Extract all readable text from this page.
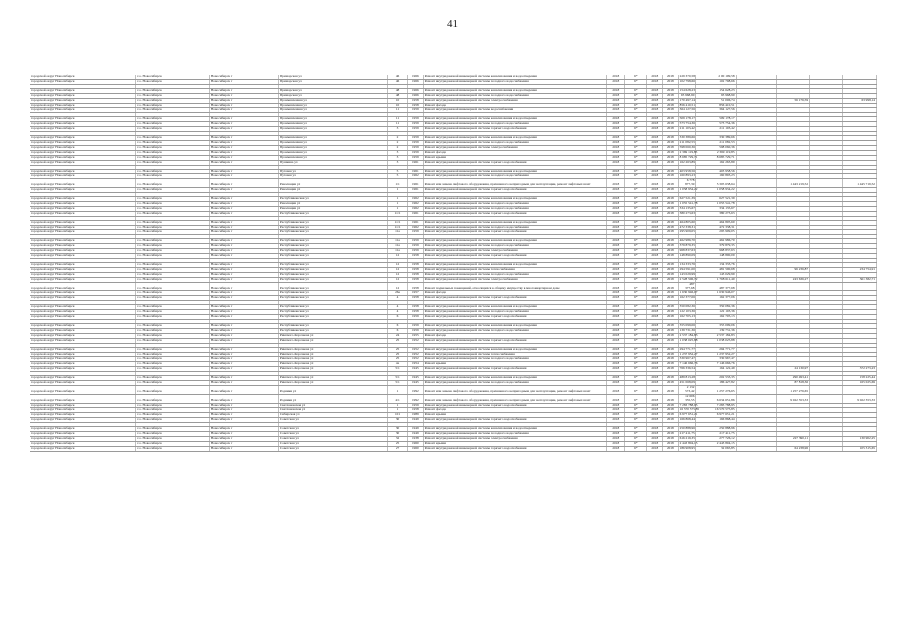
41
городской округ Новосибирск	г.о. Новосибирск	Новосибирск г	Приморская ул	46	1966	Ремонт внутридомовой инженерной системы канализования и водоотведения	2018	6*	2018	2018	229 370,58	2 00 199,58				
городской округ Новосибирск	г.о. Новосибирск	Новосибирск г	Приморская ул	46	1966	Ремонт внутридомовой инженерной системы холодного водоснабжения	2018	6*	2018	2018	102 798,66	102 798,66				

городской округ Новосибирск	г.о. Новосибирск	Новосибирск г	Приморская ул	48	1966	Ремонт внутридомовой инженерной системы канализования и водоотведения	2018	6*	2018	2018	154 628,23	154 628,23				
городской округ Новосибирск	г.о. Новосибирск	Новосибирск г	Приморская ул	48	1966	Ремонт внутридомовой инженерной системы холодного водоснабжения	2018	6*	2018	2018	93 968,90	93 968,90				
городской округ Новосибирск	г.о. Новосибирск	Новосибирск г	Промышленная ул	10	1958	Ремонт внутридомовой инженерной системы электроснабжения	2018	6*	2018	2018	170 497,14	51 006,74		56 176,59		63 998,14
городской округ Новосибирск	г.о. Новосибирск	Новосибирск г	Промышленная ул	10	1958	Ремонт фасада	2018	6*	2018	2018	856 410,51	856 410,51				
городской округ Новосибирск	г.о. Новосибирск	Новосибирск г	Промышленная ул	11	1959	Ремонт внутридомовой инженерной системы водоснабжения	2018	6*	2018	2018	364 127,56	364 127,56				

городской округ Новосибирск	г.о. Новосибирск	Новосибирск г	Промышленная ул	11	1959	Ремонт внутридомовой инженерной системы канализования и водоотведения	2018	6*	2018	2018	509 178,17	509 178,17				
городской округ Новосибирск	г.о. Новосибирск	Новосибирск г	Промышленная ул	11	1959	Ремонт внутридомовой инженерной системы холодного водоснабжения	2018	6*	2018	2018	573 754,36	573 754,36				
городской округ Новосибирск	г.о. Новосибирск	Новосибирск г	Промышленная ул	3	1959	Ремонт внутридомовой инженерной системы горячего водоснабжения	2018	6*	2018	2018	211 103,42	211 103,42				

городской округ Новосибирск	г.о. Новосибирск	Новосибирск г	Промышленная ул	2	1959	Ремонт внутридомовой инженерной системы канализования и водоотведения	2018	6*	2018	2018	330 389,66	330 389,66				
городской округ Новосибирск	г.о. Новосибирск	Новосибирск г	Промышленная ул	2	1959	Ремонт внутридомовой инженерной системы холодного водоснабжения	2018	6*	2018	2018	211 082,53	211 082,53				
городской округ Новосибирск	г.о. Новосибирск	Новосибирск г	Промышленная ул	2	1959	Ремонт внутридомовой инженерной системы электроснабжения	2018	6*	2018	2018	598 060,36	598 060,36				
городской округ Новосибирск	г.о. Новосибирск	Новосибирск г	Промышленная ул	3	1959	Ремонт фасада	2018	6*	2018	2018	2 369 119,85	2 369 119,85				
городской округ Новосибирск	г.о. Новосибирск	Новосибирск г	Промышленная ул	3	1959	Ремонт крыши	2018	6*	2018	2018	8 685 729,71	8 685 729,71				
городской округ Новосибирск	г.о. Новосибирск	Новосибирск г	Пушкина ул	3	1961	Ремонт внутридомовой инженерной системы горячего водоснабжения	2018	6*	2018	2018	162 263,89	162 263,89				

городской округ Новосибирск	г.о. Новосибирск	Новосибирск г	Путевая ул	5	1961	Ремонт внутридомовой инженерной системы канализования и водоотведения	2018	6*	2018	2018	403 958,56	403 958,56				
городской округ Новосибирск	г.о. Новосибирск	Новосибирск г	Путевая ул	5	1962	Ремонт внутридомовой инженерной системы холодного водоснабжения	2018	6*	2018	2018	160 893,23	160 893,23				
городской округ Новосибирск	г.о. Новосибирск	Новосибирск г	Революции ул	1/1	1961	Ремонт или замена лифтового оборудования, признанного непригодным для эксплуатации, ремонт лифтовых шахт	2018	6*	2018	2018	6 778 877,39	5 305 638,64		1 443 219,52		1 445 719,52
городской округ Новосибирск	г.о. Новосибирск	Новосибирск г	Революции ул	1	1961	Ремонт внутридомовой инженерной системы горячего водоснабжения	2018	6*	2018	2018	1 058 934,22	1 058 934,22				

городской округ Новосибирск	г.о. Новосибирск	Новосибирск г	Республиканская ул	1	1962	Ремонт внутридомовой инженерной системы канализования и водоотведения	2018	6*	2018	2018	627 521,39	627 521,39				
городской округ Новосибирск	г.о. Новосибирск	Новосибирск г	Революции ул	1	1962	Ремонт внутридомовой инженерной системы холодного водоснабжения	2018	6*	2018	2018	1 055 541,78	1 055 541,78				
городской округ Новосибирск	г.о. Новосибирск	Новосибирск г	Революции ул	1	1962	Ремонт внутридомовой инженерной системы холодного водоснабжения	2018	6*	2018	2018	334 135,67	334 135,67				
городской округ Новосибирск	г.о. Новосибирск	Новосибирск г	Республиканская ул	11/1	1961	Ремонт внутридомовой инженерной системы горячего водоснабжения	2018	6*	2018	2018	380 273,63	380 273,63				

городской округ Новосибирск	г.о. Новосибирск	Новосибирск г	Республиканская ул	11/1	1961	Ремонт внутридомовой инженерной системы канализования и водоотведения	2018	6*	2018	2018	464 805,60	464 805,60				
городской округ Новосибирск	г.о. Новосибирск	Новосибирск г	Республиканская ул	11/1	1962	Ремонт внутридомовой инженерной системы холодного водоснабжения	2018	6*	2018	2018	472 338,31	472 338,31				
городской округ Новосибирск	г.о. Новосибирск	Новосибирск г	Республиканская ул	11а	1959	Ремонт внутридомовой инженерной системы горячего водоснабжения	2018	6*	2018	2018	295 909,05	295 909,05				

городской округ Новосибирск	г.о. Новосибирск	Новосибирск г	Республиканская ул	11а	1959	Ремонт внутридомовой инженерной системы канализования и водоотведения	2018	6*	2018	2018	462 986,70	462 986,70				
городской округ Новосибирск	г.о. Новосибирск	Новосибирск г	Республиканская ул	11а	1959	Ремонт внутридомовой инженерной системы холодного водоснабжения	2018	6*	2018	2018	379 879,35	379 879,35				
городской округ Новосибирск	г.о. Новосибирск	Новосибирск г	Республиканская ул	11а	1959	Ремонт внутридомовой инженерной системы электроснабжения	2018	6*	2018	2018	968 837,63	968 837,63				
городской округ Новосибирск	г.о. Новосибирск	Новосибирск г	Республиканская ул	12	1958	Ремонт внутридомовой инженерной системы горячего водоснабжения	2018	6*	2018	2018	148 890,09	148 890,09				

городской округ Новосибирск	г.о. Новосибирск	Новосибирск г	Республиканская ул	12	1958	Ремонт внутридомовой инженерной системы канализования и водоотведения	2018	6*	2018	2018	134 333,76	134 333,76				
городской округ Новосибирск	г.о. Новосибирск	Новосибирск г	Республиканская ул	12	1958	Ремонт внутридомовой инженерной системы теплоснабжения	2018	6*	2018	2018	294 591,00	481 590,68		96 236,87		234 754,91
городской округ Новосибирск	г.о. Новосибирск	Новосибирск г	Республиканская ул	12	1958	Ремонт внутридомовой инженерной системы холодного водоснабжения	2018	6*	2018	2018	143 029,99	143 029,99				
городской округ Новосибирск	г.о. Новосибирск	Новосибирск г	Республиканская ул	12	1958	Ремонт внутридомовой инженерной системы электроснабжения	2018	6*	2018	2018	2 528 506,72	1 768 611,40		243 636,27		361 382,71
городской округ Новосибирск	г.о. Новосибирск	Новосибирск г	Республиканская ул	12	1958	Ремонт подвальных помещений, относящихся к общему имуществу в многоквартирном доме	2018	6*	2018	2018	487 377,68	487 377,68				
городской округ Новосибирск	г.о. Новосибирск	Новосибирск г	Республиканская ул	26а	1957	Ремонт фасада	2018	6*	2018	2018	1 630 946,07	1 630 946,07				
городской округ Новосибирск	г.о. Новосибирск	Новосибирск г	Республиканская ул	4	1958	Ремонт внутридомовой инженерной системы горячего водоснабжения	2018	6*	2018	2018	162 377,06	162 377,06				

городской округ Новосибирск	г.о. Новосибирск	Новосибирск г	Республиканская ул	4	1958	Ремонт внутридомовой инженерной системы канализования и водоотведения	2018	6*	2018	2018	350 082,36	350 082,36				
городской округ Новосибирск	г.о. Новосибирск	Новосибирск г	Республиканская ул	4	1958	Ремонт внутридомовой инженерной системы холодного водоснабжения	2018	6*	2018	2018	122 103,36	122 103,36				
городской округ Новосибирск	г.о. Новосибирск	Новосибирск г	Республиканская ул	6	1959	Ремонт внутридомовой инженерной системы горячего водоснабжения	2018	6*	2018	2018	162 705,13	162 705,13				

городской округ Новосибирск	г.о. Новосибирск	Новосибирск г	Республиканская ул	6	1959	Ремонт внутридомовой инженерной системы канализования и водоотведения	2018	6*	2018	2018	355 099,06	355 099,06				
городской округ Новосибирск	г.о. Новосибирск	Новосибирск г	Республиканская ул	6	1959	Ремонт внутридомовой инженерной системы холодного водоснабжения	2018	6*	2018	2018	139 731,36	139 731,36				
городской округ Новосибирск	г.о. Новосибирск	Новосибирск г	Римского-Корсакова ул	24	1955	Ремонт фасада	2018	6*	2018	2018	2 537 184,83	2 537 184,83				
городской округ Новосибирск	г.о. Новосибирск	Новосибирск г	Римского-Корсакова ул	25	1952	Ремонт внутридомовой инженерной системы горячего водоснабжения	2018	6*	2018	2018	1 038 025,88	1 038 025,88				

городской округ Новосибирск	г.о. Новосибирск	Новосибирск г	Римского-Корсакова ул	25	1952	Ремонт внутридомовой инженерной системы канализования и водоотведения	2018	6*	2018	2018	294 771,77	294 771,77				
городской округ Новосибирск	г.о. Новосибирск	Новосибирск г	Римского-Корсакова ул	25	1952	Ремонт внутридомовой инженерной системы теплоснабжения	2018	6*	2018	2018	1 237 952,27	1 237 952,27				
городской округ Новосибирск	г.о. Новосибирск	Новосибирск г	Римского-Корсакова ул	25	1952	Ремонт внутридомовой инженерной системы холодного водоснабжения	2018	6*	2018	2018	330 967,47	330 967,47				
городской округ Новосибирск	г.о. Новосибирск	Новосибирск г	Римского-Корсакова ул	4а	1954	Ремонт крыши	2018	6*	2018	2018	7 146 666,76	7 146 666,76				
городской округ Новосибирск	г.о. Новосибирск	Новосибирск г	Римского-Корсакова ул	5/1	1945	Ремонт внутридомовой инженерной системы горячего водоснабжения	2018	6*	2018	2018	766 336,54	164 122,49		24 130,97		372 273,23

городской округ Новосибирск	г.о. Новосибирск	Новосибирск г	Римского-Корсакова ул	5/1	1945	Ремонт внутридомовой инженерной системы канализования и водоотведения	2018	6*	2018	2018	489 813,28	202 533,35		290 493,41		158 225,44
городской округ Новосибирск	г.о. Новосибирск	Новосибирск г	Римского-Корсакова ул	5/1	1945	Ремонт внутридомовой инженерной системы холодного водоснабжения	2018	6*	2018	2018	451 068,09	186 427,82		87 818,36		165 025,69
городской округ Новосибирск	г.о. Новосибирск	Новосибирск г	Родники ул	1	1992	Ремонт или замена лифтового оборудования, признанного непригодным для эксплуатации, ремонт лифтовых шахт	2018	6*	2018	2018	2 132 573,42	1 257 276,65		1 257 276,65		
городской округ Новосибирск	г.о. Новосибирск	Новосибирск г	Родники ул	4/1	1992	Ремонт или замена лифтового оборудования, признанного непригодным для эксплуатации, ремонт лифтовых шахт	2018	6*	2018	2018	12 606 335,55	6 634 651,86		9 022 353,33		9 022 353,33
городской округ Новосибирск	г.о. Новосибирск	Новосибирск г	Светлановская ул	1	1959	Ремонт внутридомовой инженерной системы горячего водоснабжения	2018	6*	2018	2018	7 283 788,95	7 283 788,95				
городской округ Новосибирск	г.о. Новосибирск	Новосибирск г	Светлановская ул	1	1958	Ремонт фасада	2018	6*	2018	2018	16 570 575,85	16 570 575,85				
городской округ Новосибирск	г.о. Новосибирск	Новосибирск г	Сибирская ул	101	1989	Ремонт крыши	2018	6*	2018	2018	6 977 651,21	6 977 651,21				
городской округ Новосибирск	г.о. Новосибирск	Новосибирск г	Советская ул	30	1949	Ремонт внутридомовой инженерной системы горячего водоснабжения	2018	6*	2018	2018	166 868,44	166 868,44				

городской округ Новосибирск	г.о. Новосибирск	Новосибирск г	Советская ул	30	1949	Ремонт внутридомовой инженерной системы канализования и водоотведения	2018	6*	2018	2018	250 888,96	250 888,96				
городской округ Новосибирск	г.о. Новосибирск	Новосибирск г	Советская ул	30	1949	Ремонт внутридомовой инженерной системы холодного водоснабжения	2018	6*	2018	2018	217 411,75	217 411,75				
городской округ Новосибирск	г.о. Новосибирск	Новосибирск г	Советская ул	32	1938	Ремонт внутридомовой инженерной системы электроснабжения	2018	6*	2018	2018	616 219,35	277 726,12		227 390,11		130 902,25
городской округ Новосибирск	г.о. Новосибирск	Новосибирск г	Советская ул	25	1960	Ремонт крыши	2018	6*	2018	2018	2 443 804,15	2 443 804,15				
городской округ Новосибирск	г.о. Новосибирск	Новосибирск г	Советская ул	27	1960	Ремонт внутридомовой инженерной системы горячего водоснабжения	2018	6*	2018	2018	186 908,95	32 065,85		64 238,96		105 315,65
